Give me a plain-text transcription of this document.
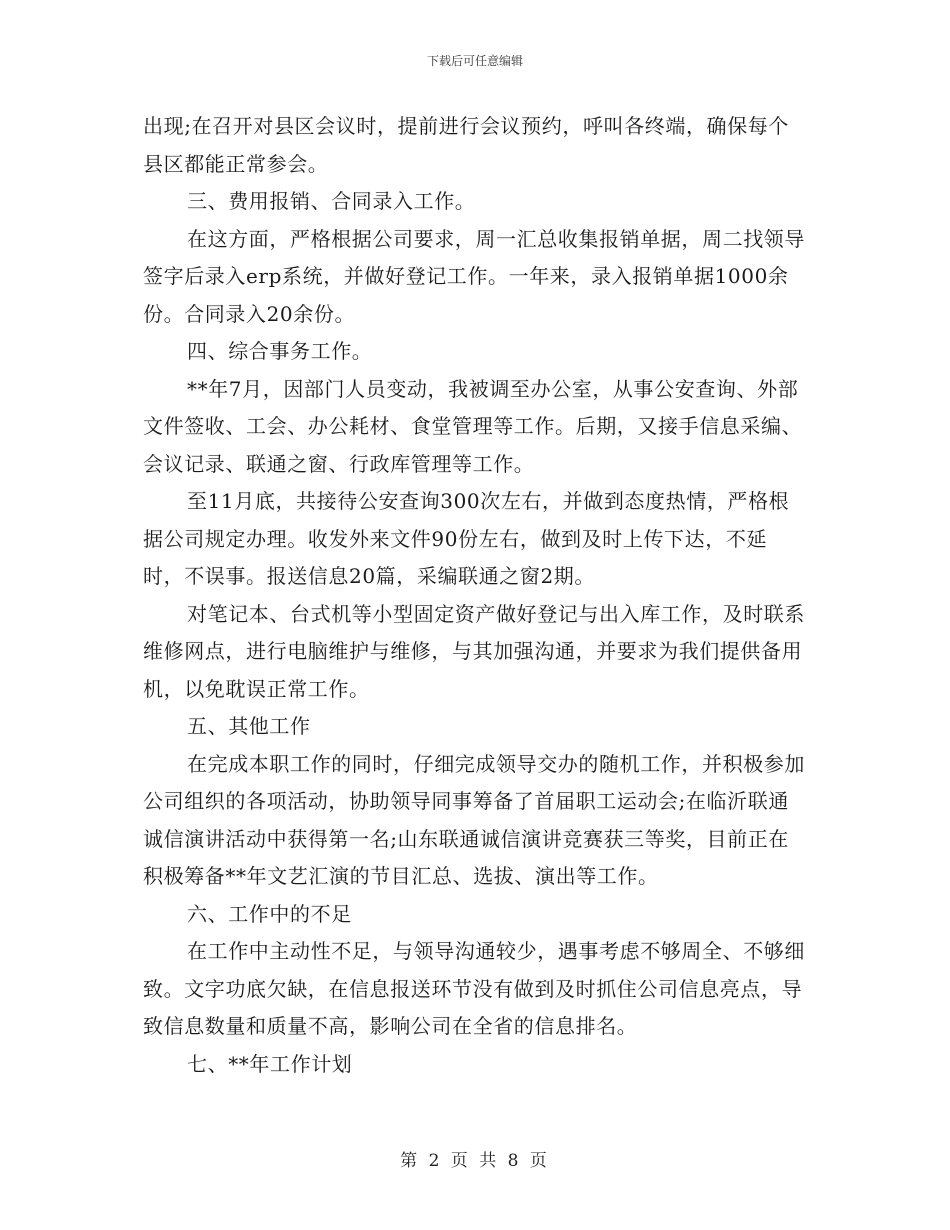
下载后可任意编辑

出现;在召开对县区会议时，提前进行会议预约，呼叫各终端，确保每个县区都能正常参会。

三、费用报销、合同录入工作。

在这方面，严格根据公司要求，周一汇总收集报销单据，周二找领导签字后录入erp系统，并做好登记工作。一年来，录入报销单据1000余份。合同录入20余份。

四、综合事务工作。

**年7月，因部门人员变动，我被调至办公室，从事公安查询、外部文件签收、工会、办公耗材、食堂管理等工作。后期，又接手信息采编、会议记录、联通之窗、行政库管理等工作。

至11月底，共接待公安查询300次左右，并做到态度热情，严格根据公司规定办理。收发外来文件90份左右，做到及时上传下达，不延时，不误事。报送信息20篇，采编联通之窗2期。

对笔记本、台式机等小型固定资产做好登记与出入库工作，及时联系维修网点，进行电脑维护与维修，与其加强沟通，并要求为我们提供备用机，以免耽误正常工作。

五、其他工作

在完成本职工作的同时，仔细完成领导交办的随机工作，并积极参加公司组织的各项活动，协助领导同事筹备了首届职工运动会;在临沂联通诚信演讲活动中获得第一名;山东联通诚信演讲竞赛获三等奖，目前正在积极筹备**年文艺汇演的节目汇总、选拔、演出等工作。

六、工作中的不足

在工作中主动性不足，与领导沟通较少，遇事考虑不够周全、不够细致。文字功底欠缺，在信息报送环节没有做到及时抓住公司信息亮点，导致信息数量和质量不高，影响公司在全省的信息排名。

七、**年工作计划

第 2 页 共 8 页
